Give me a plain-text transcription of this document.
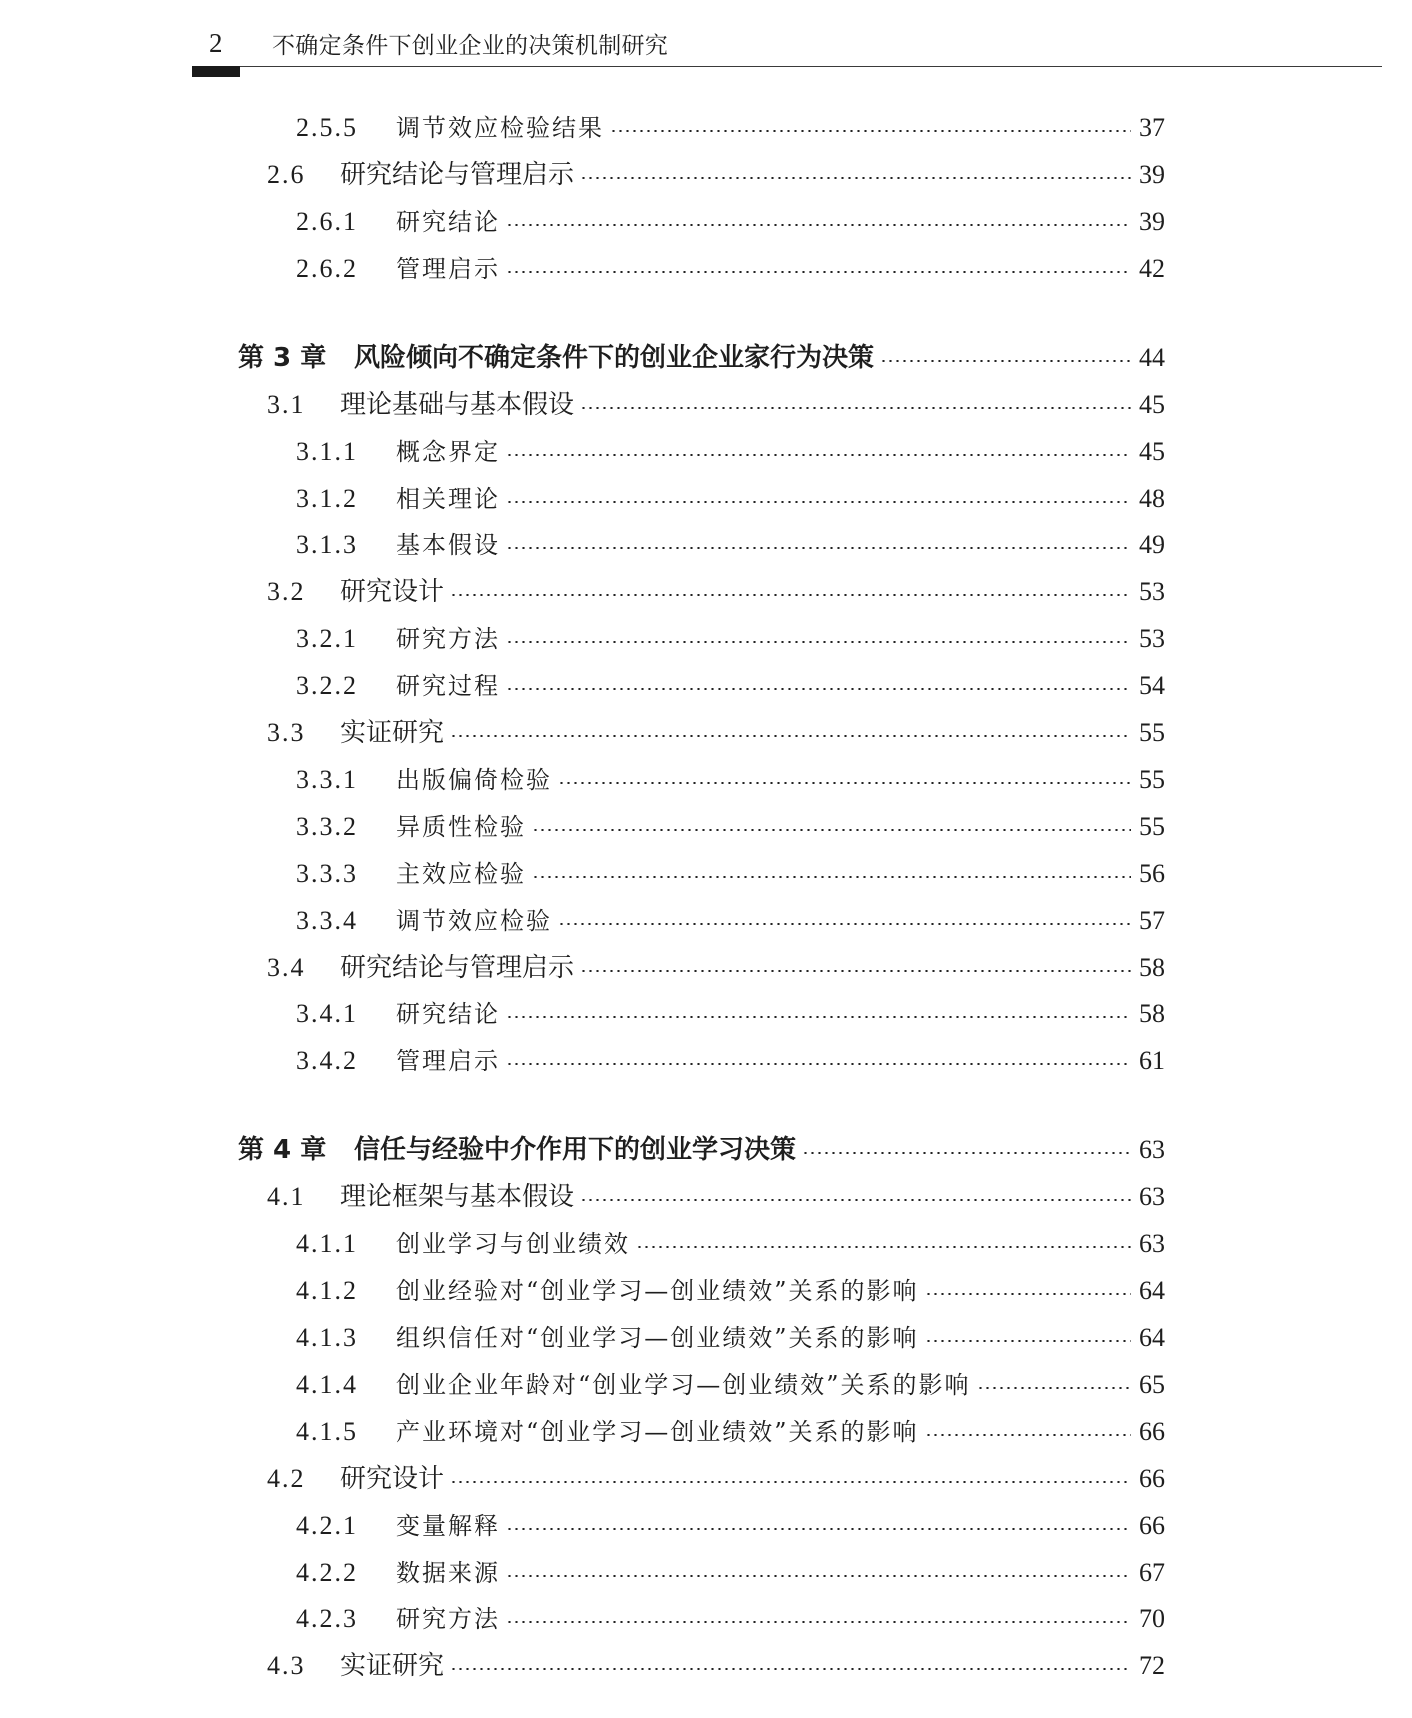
2 不确定条件下创业企业的决策机制研究
2.5.5 调节效应检验结果	37
2.6 研究结论与管理启示	39
2.6.1 研究结论	39
2.6.2 管理启示	42
第 3 章 风险倾向不确定条件下的创业企业家行为决策	44
3.1 理论基础与基本假设	45
3.1.1 概念界定	45
3.1.2 相关理论	48
3.1.3 基本假设	49
3.2 研究设计	53
3.2.1 研究方法	53
3.2.2 研究过程	54
3.3 实证研究	55
3.3.1 出版偏倚检验	55
3.3.2 异质性检验	55
3.3.3 主效应检验	56
3.3.4 调节效应检验	57
3.4 研究结论与管理启示	58
3.4.1 研究结论	58
3.4.2 管理启示	61
第 4 章 信任与经验中介作用下的创业学习决策	63
4.1 理论框架与基本假设	63
4.1.1 创业学习与创业绩效	63
4.1.2 创业经验对“创业学习—创业绩效”关系的影响	64
4.1.3 组织信任对“创业学习—创业绩效”关系的影响	64
4.1.4 创业企业年龄对“创业学习—创业绩效”关系的影响	65
4.1.5 产业环境对“创业学习—创业绩效”关系的影响	66
4.2 研究设计	66
4.2.1 变量解释	66
4.2.2 数据来源	67
4.2.3 研究方法	70
4.3 实证研究	72
